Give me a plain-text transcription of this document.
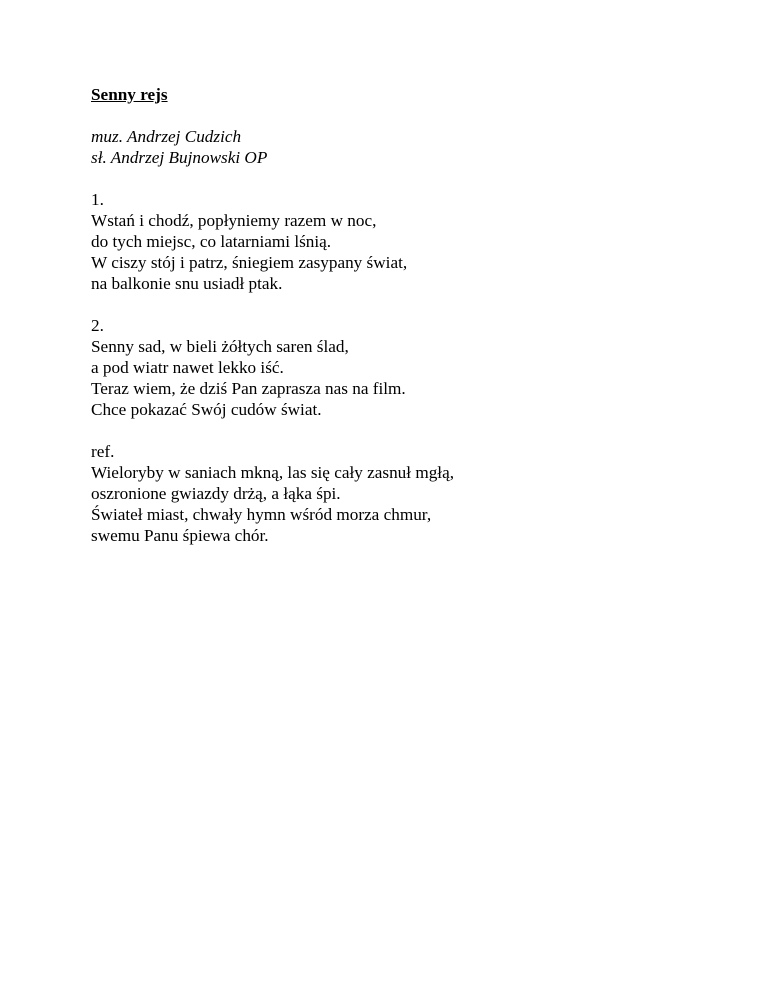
Senny rejs
muz. Andrzej Cudzich
sł. Andrzej Bujnowski OP
1.
Wstań i chodź, popłyniemy razem w noc,
do tych miejsc, co latarniami lśnią.
W ciszy stój i patrz, śniegiem zasypany świat,
na balkonie snu usiadł ptak.
2.
Senny sad, w bieli żółtych saren ślad,
a pod wiatr nawet lekko iść.
Teraz wiem, że dziś Pan zaprasza nas na film.
Chce pokazać Swój cudów świat.
ref.
Wieloryby w saniach mkną, las się cały zasnuł mgłą,
oszronione gwiazdy drżą, a łąka śpi.
Świateł miast, chwały hymn wśród morza chmur,
swemu Panu śpiewa chór.
